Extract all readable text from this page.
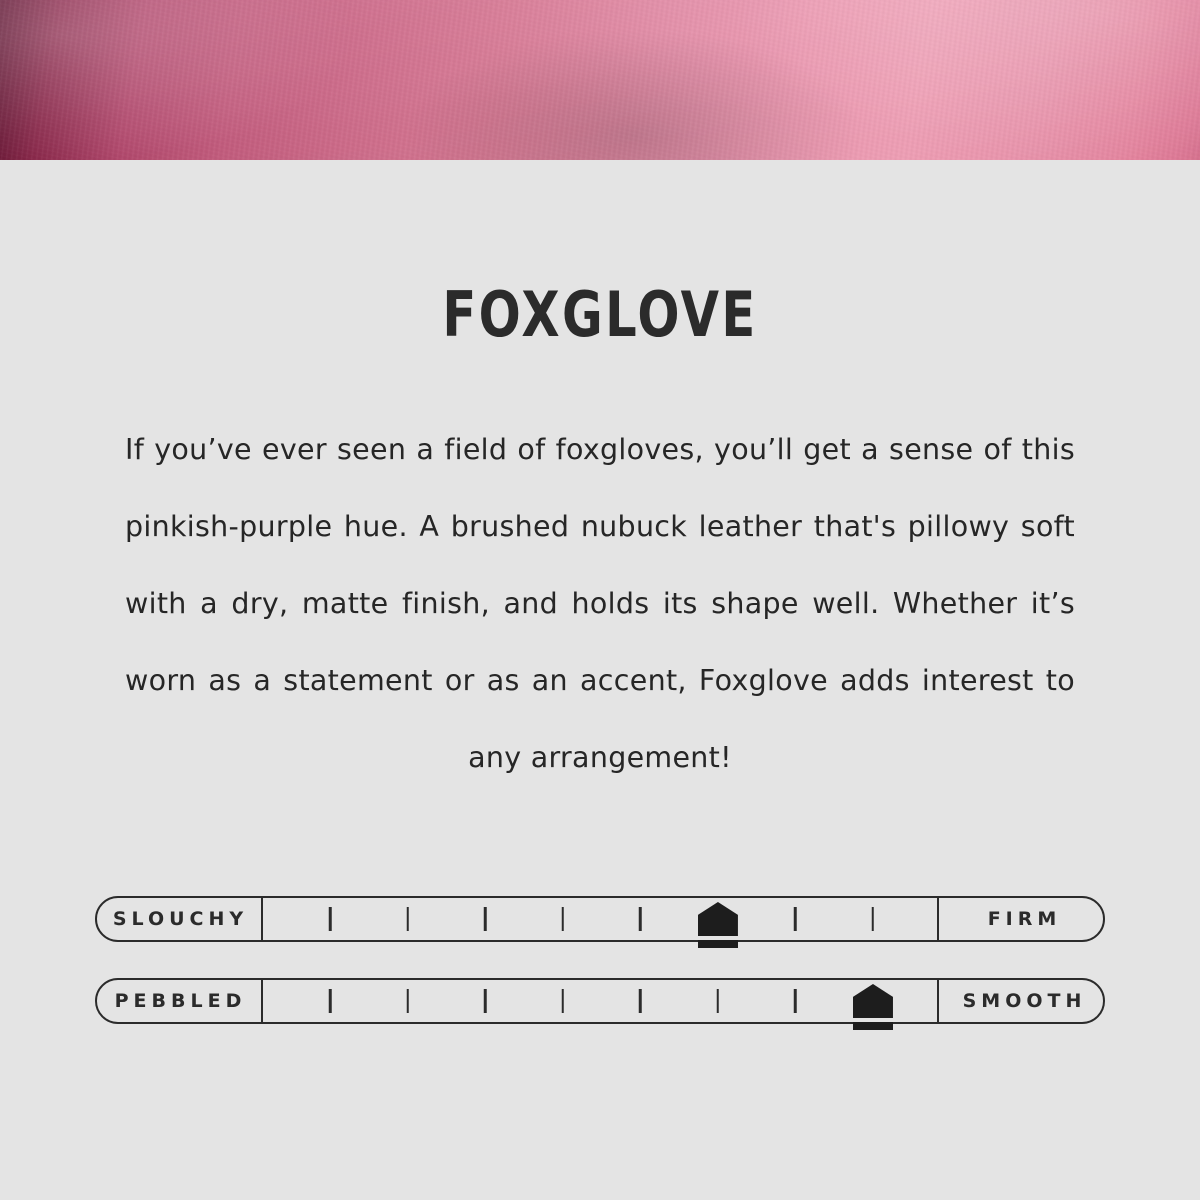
FOXGLOVE

If you’ve ever seen a field of foxgloves, you’ll get a sense of this pinkish-purple hue. A brushed nubuck leather that's pillowy soft with a dry, matte finish, and holds its shape well. Whether it’s worn as a statement or as an accent, Foxglove adds interest to any arrangement!

SLOUCHY	FIRM
PEBBLED	SMOOTH
